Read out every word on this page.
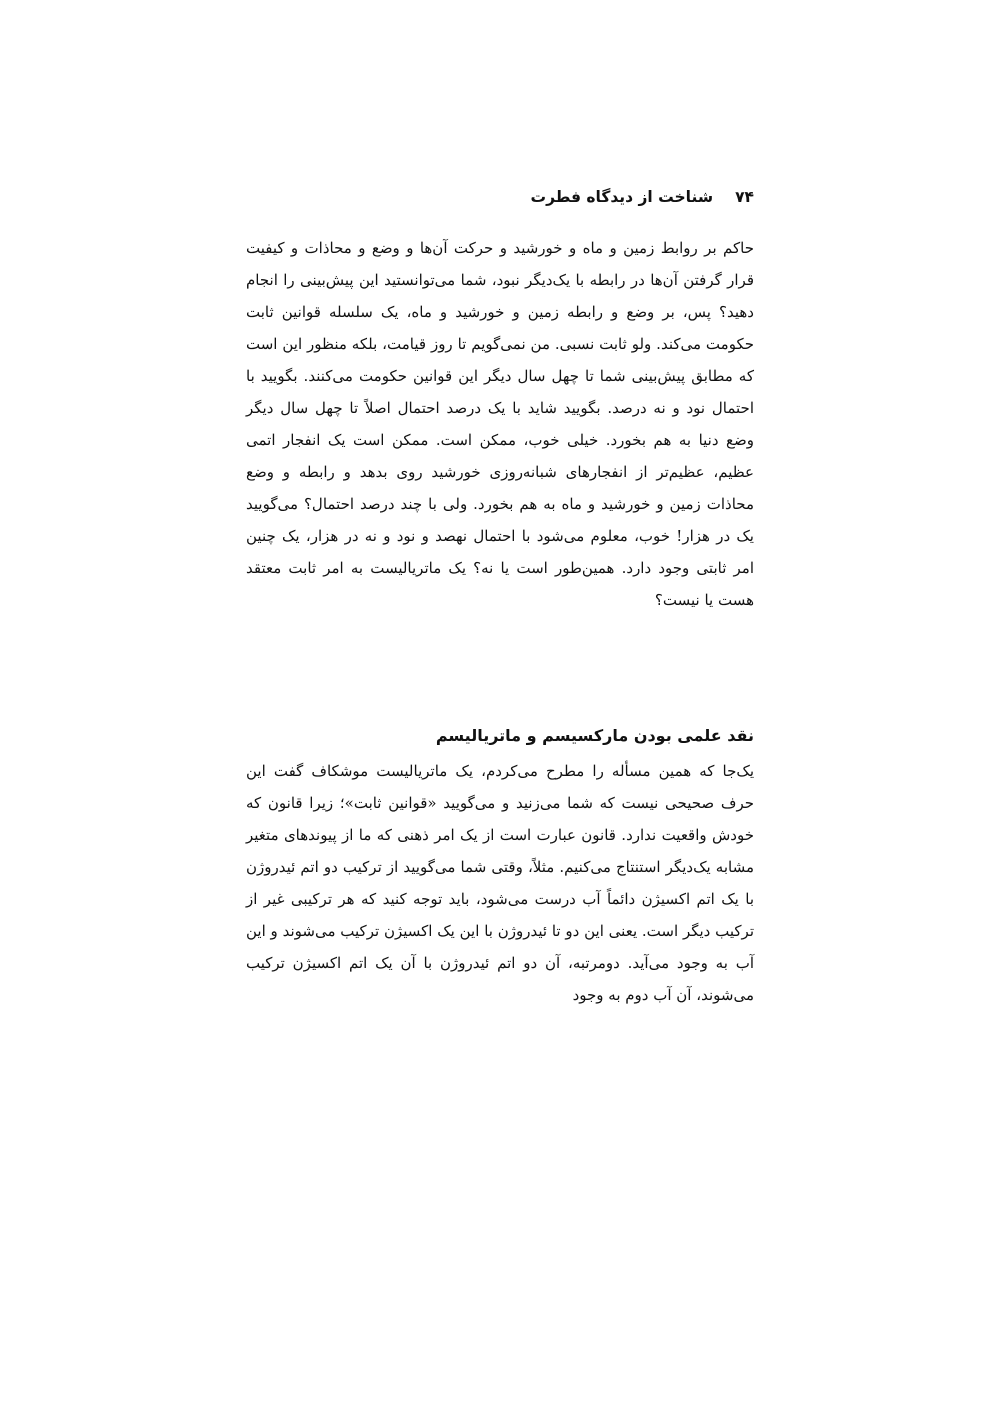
۷۴
شناخت از دیدگاه فطرت

حاکم بر روابط زمین و ماه و خورشید و حرکت آن‌ها و وضع و محاذات و کیفیت قرار گرفتن آن‌ها در رابطه با یک‌دیگر نبود، شما می‌توانستید این پیش‌بینی را انجام دهید؟ پس، بر وضع و رابطه زمین و خورشید و ماه، یک سلسله قوانین ثابت حکومت می‌کند. ولو ثابت نسبی. من نمی‌گویم تا روز قیامت، بلکه منظور این است که مطابق پیش‌بینی شما تا چهل سال دیگر این قوانین حکومت می‌کنند. بگویید با احتمال نود و نه درصد. بگویید شاید با یک درصد احتمال اصلاً تا چهل سال دیگر وضع دنیا به هم بخورد. خیلی خوب، ممکن است. ممکن است یک انفجار اتمی عظیم، عظیم‌تر از انفجارهای شبانه‌روزی خورشید روی بدهد و رابطه و وضع محاذات زمین و خورشید و ماه به هم بخورد. ولی با چند درصد احتمال؟ می‌گویید یک در هزار! خوب، معلوم می‌شود با احتمال نهصد و نود و نه در هزار، یک چنین امر ثابتی وجود دارد. همین‌طور است یا نه؟ یک ماتریالیست به امر ثابت معتقد هست یا نیست؟

نقد علمی بودن مارکسیسم و ماتریالیسم

یک‌جا که همین مسأله را مطرح می‌کردم، یک ماتریالیست موشکاف گفت این حرف صحیحی نیست که شما می‌زنید و می‌گویید «قوانین ثابت»؛ زیرا قانون که خودش واقعیت ندارد. قانون عبارت است از یک امر ذهنی که ما از پیوندهای متغیر مشابه یک‌دیگر استنتاج می‌کنیم. مثلاً، وقتی شما می‌گویید از ترکیب دو اتم ئیدروژن با یک اتم اکسیژن دائماً آب درست می‌شود، باید توجه کنید که هر ترکیبی غیر از ترکیب دیگر است. یعنی این دو تا ئیدروژن با این یک اکسیژن ترکیب می‌شوند و این آب به وجود می‌آید. دومرتبه، آن دو اتم ئیدروژن با آن یک اتم اکسیژن ترکیب می‌شوند، آن آب دوم به وجود
